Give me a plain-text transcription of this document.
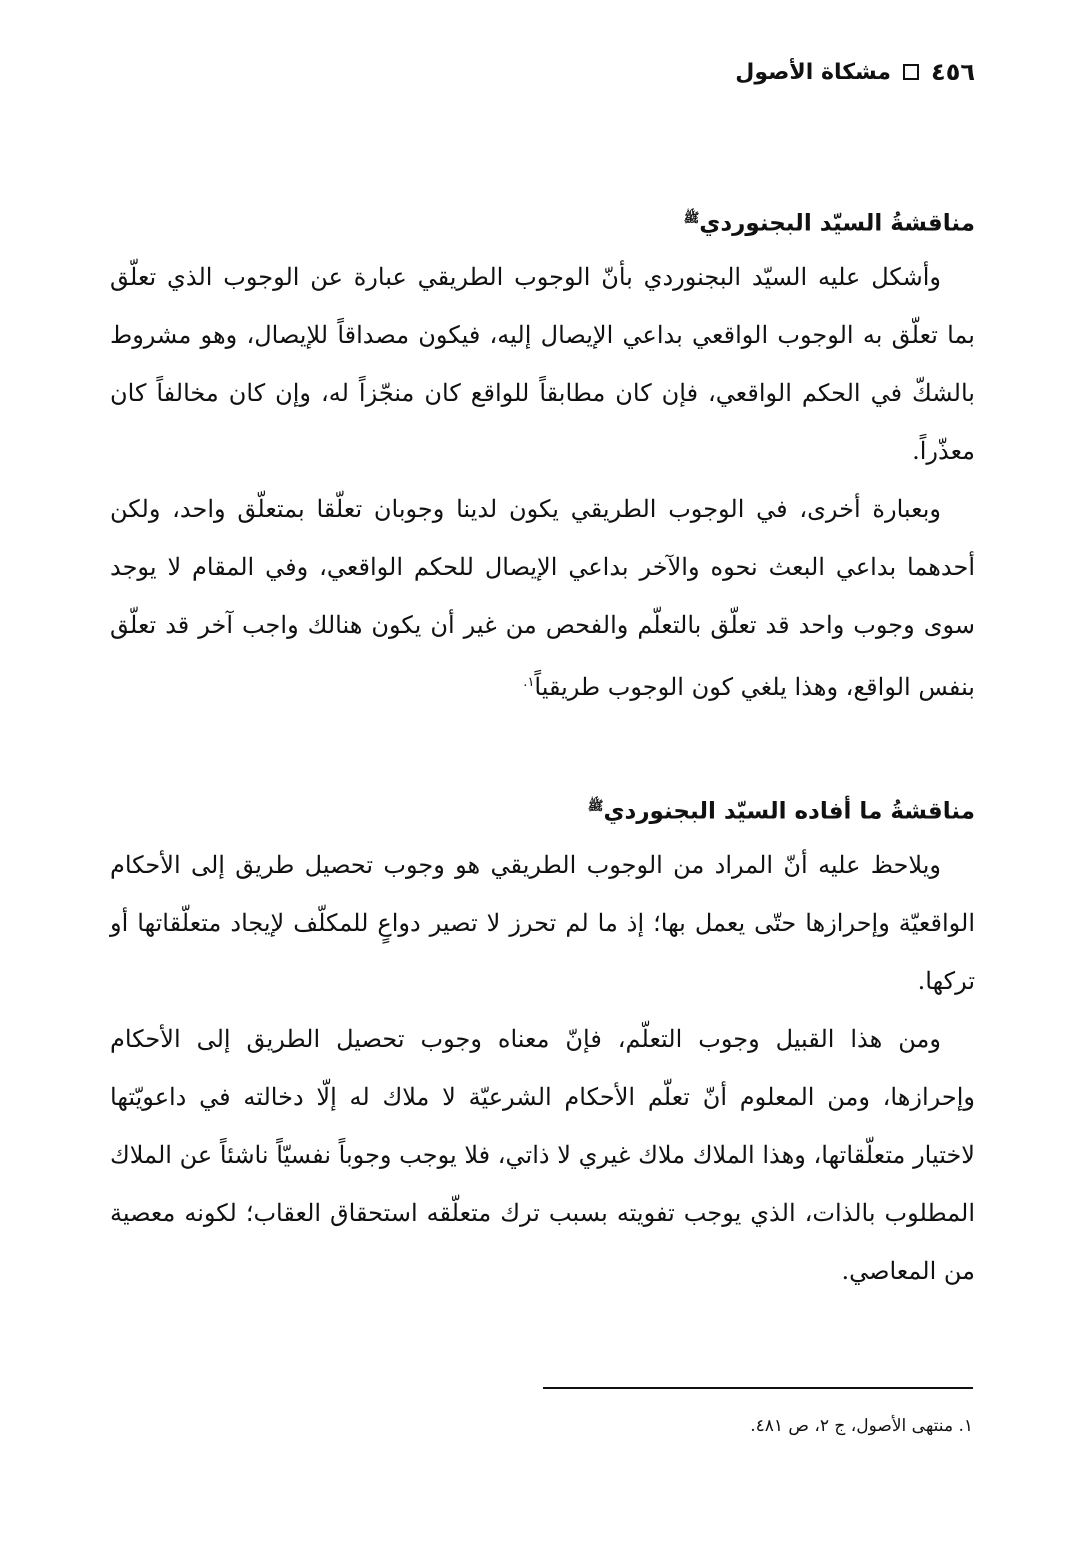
٤٥٦
مشكاة الأصول
مناقشةُ السيّد البجنوردي$^ﷺ$

وأشكل عليه السيّد البجنوردي بأنّ الوجوب الطريقي عبارة عن الوجوب الذي تعلّق بما تعلّق به الوجوب الواقعي بداعي الإيصال إليه، فيكون مصداقاً للإيصال، وهو مشروط بالشكّ في الحكم الواقعي، فإن كان مطابقاً للواقع كان منجّزاً له، وإن كان مخالفاً كان معذّراً.

وبعبارة أخرى، في الوجوب الطريقي يكون لدينا وجوبان تعلّقا بمتعلّق واحد، ولكن أحدهما بداعي البعث نحوه والآخر بداعي الإيصال للحكم الواقعي، وفي المقام لا يوجد سوى وجوب واحد قد تعلّق بالتعلّم والفحص من غير أن يكون هنالك واجب آخر قد تعلّق بنفس الواقع، وهذا يلغي كون الوجوب طريقياً$^{١.}$

مناقشةُ ما أفاده السيّد البجنوردي$^ﷺ$

ويلاحظ عليه أنّ المراد من الوجوب الطريقي هو وجوب تحصيل طريق إلى الأحكام الواقعيّة وإحرازها حتّى يعمل بها؛ إذ ما لم تحرز لا تصير دواعٍ للمكلّف لإيجاد متعلّقاتها أو تركها.

ومن هذا القبيل وجوب التعلّم، فإنّ معناه وجوب تحصيل الطريق إلى الأحكام وإحرازها، ومن المعلوم أنّ تعلّم الأحكام الشرعيّة لا ملاك له إلّا دخالته في داعويّتها لاختيار متعلّقاتها، وهذا الملاك ملاك غيري لا ذاتي، فلا يوجب وجوباً نفسيّاً ناشئاً عن الملاك المطلوب بالذات، الذي يوجب تفويته بسبب ترك متعلّقه استحقاق العقاب؛ لكونه معصية من المعاصي.

١. منتهى الأصول، ج ٢، ص ٤٨١.
